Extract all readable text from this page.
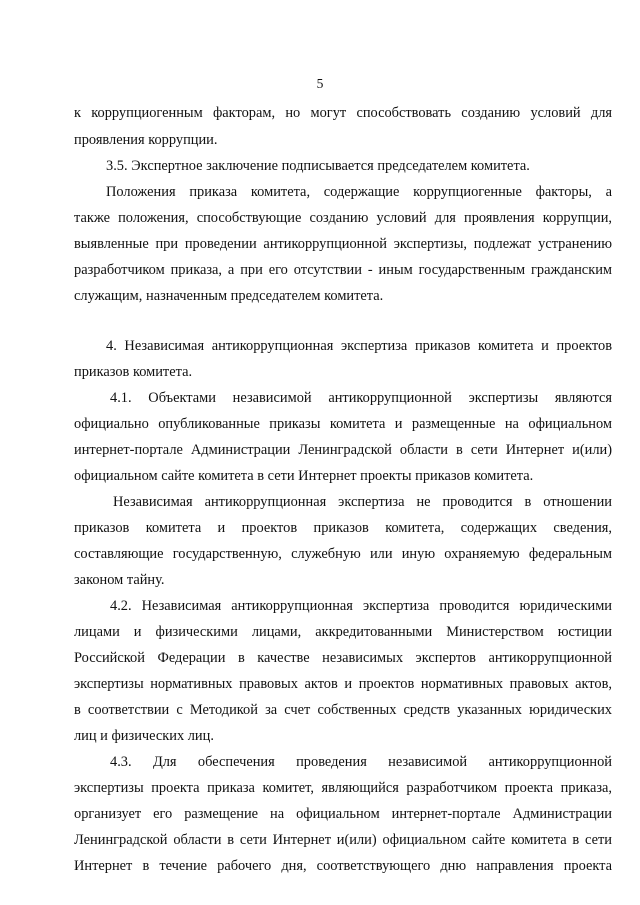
5
к коррупциогенным факторам, но могут способствовать созданию условий для
проявления коррупции.
3.5. Экспертное заключение подписывается председателем комитета.
Положения приказа комитета, содержащие коррупциогенные факторы, а
также положения, способствующие созданию условий для проявления коррупции,
выявленные при проведении антикоррупционной экспертизы, подлежат устранению
разработчиком приказа, а при его отсутствии - иным государственным гражданским
служащим, назначенным председателем комитета.
4. Независимая антикоррупционная экспертиза приказов комитета и проектов
приказов комитета.
4.1. Объектами независимой антикоррупционной экспертизы являются
официально опубликованные приказы комитета и размещенные на официальном
интернет-портале Администрации Ленинградской области в сети Интернет и(или)
официальном сайте комитета в сети Интернет проекты приказов комитета.
Независимая антикоррупционная экспертиза не проводится в отношении
приказов комитета и проектов приказов комитета, содержащих сведения,
составляющие государственную, служебную или иную охраняемую федеральным
законом тайну.
4.2. Независимая антикоррупционная экспертиза проводится юридическими
лицами и физическими лицами, аккредитованными Министерством юстиции
Российской Федерации в качестве независимых экспертов антикоррупционной
экспертизы нормативных правовых актов и проектов нормативных правовых актов,
в соответствии с Методикой за счет собственных средств указанных юридических
лиц и физических лиц.
4.3. Для обеспечения проведения независимой антикоррупционной
экспертизы проекта приказа комитет, являющийся разработчиком проекта приказа,
организует его размещение на официальном интернет-портале Администрации
Ленинградской области в сети Интернет и(или) официальном сайте комитета в сети
Интернет в течение рабочего дня, соответствующего дню направления проекта
